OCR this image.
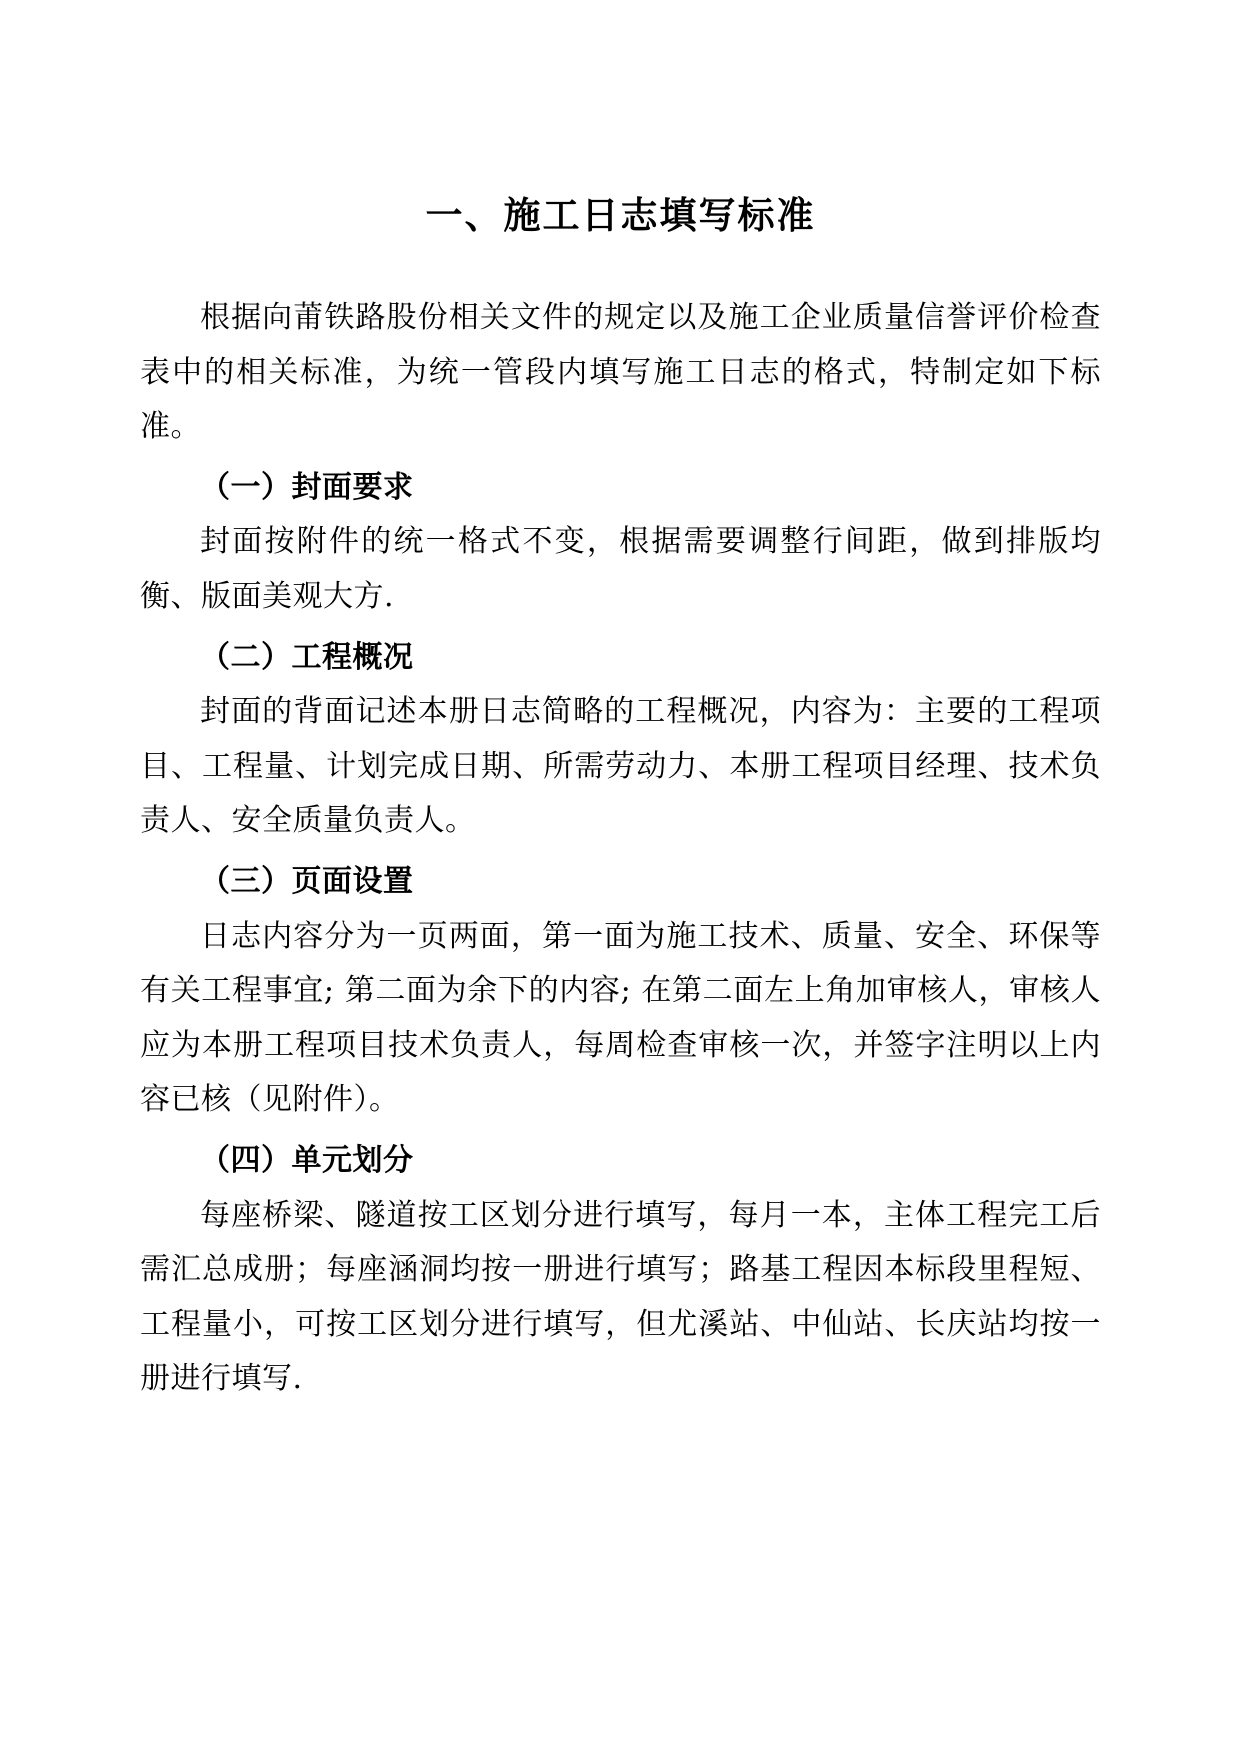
一、施工日志填写标准

根据向莆铁路股份相关文件的规定以及施工企业质量信誉评价检查表中的相关标准，为统一管段内填写施工日志的格式，特制定如下标准。

（一）封面要求

封面按附件的统一格式不变，根据需要调整行间距，做到排版均衡、版面美观大方.

（二）工程概况

封面的背面记述本册日志简略的工程概况，内容为：主要的工程项目、工程量、计划完成日期、所需劳动力、本册工程项目经理、技术负责人、安全质量负责人。

（三）页面设置

日志内容分为一页两面，第一面为施工技术、质量、安全、环保等有关工程事宜; 第二面为余下的内容; 在第二面左上角加审核人，审核人应为本册工程项目技术负责人，每周检查审核一次，并签字注明以上内容已核（见附件）。

（四）单元划分

每座桥梁、隧道按工区划分进行填写，每月一本，主体工程完工后需汇总成册；每座涵洞均按一册进行填写；路基工程因本标段里程短、工程量小，可按工区划分进行填写，但尤溪站、中仙站、长庆站均按一册进行填写.
